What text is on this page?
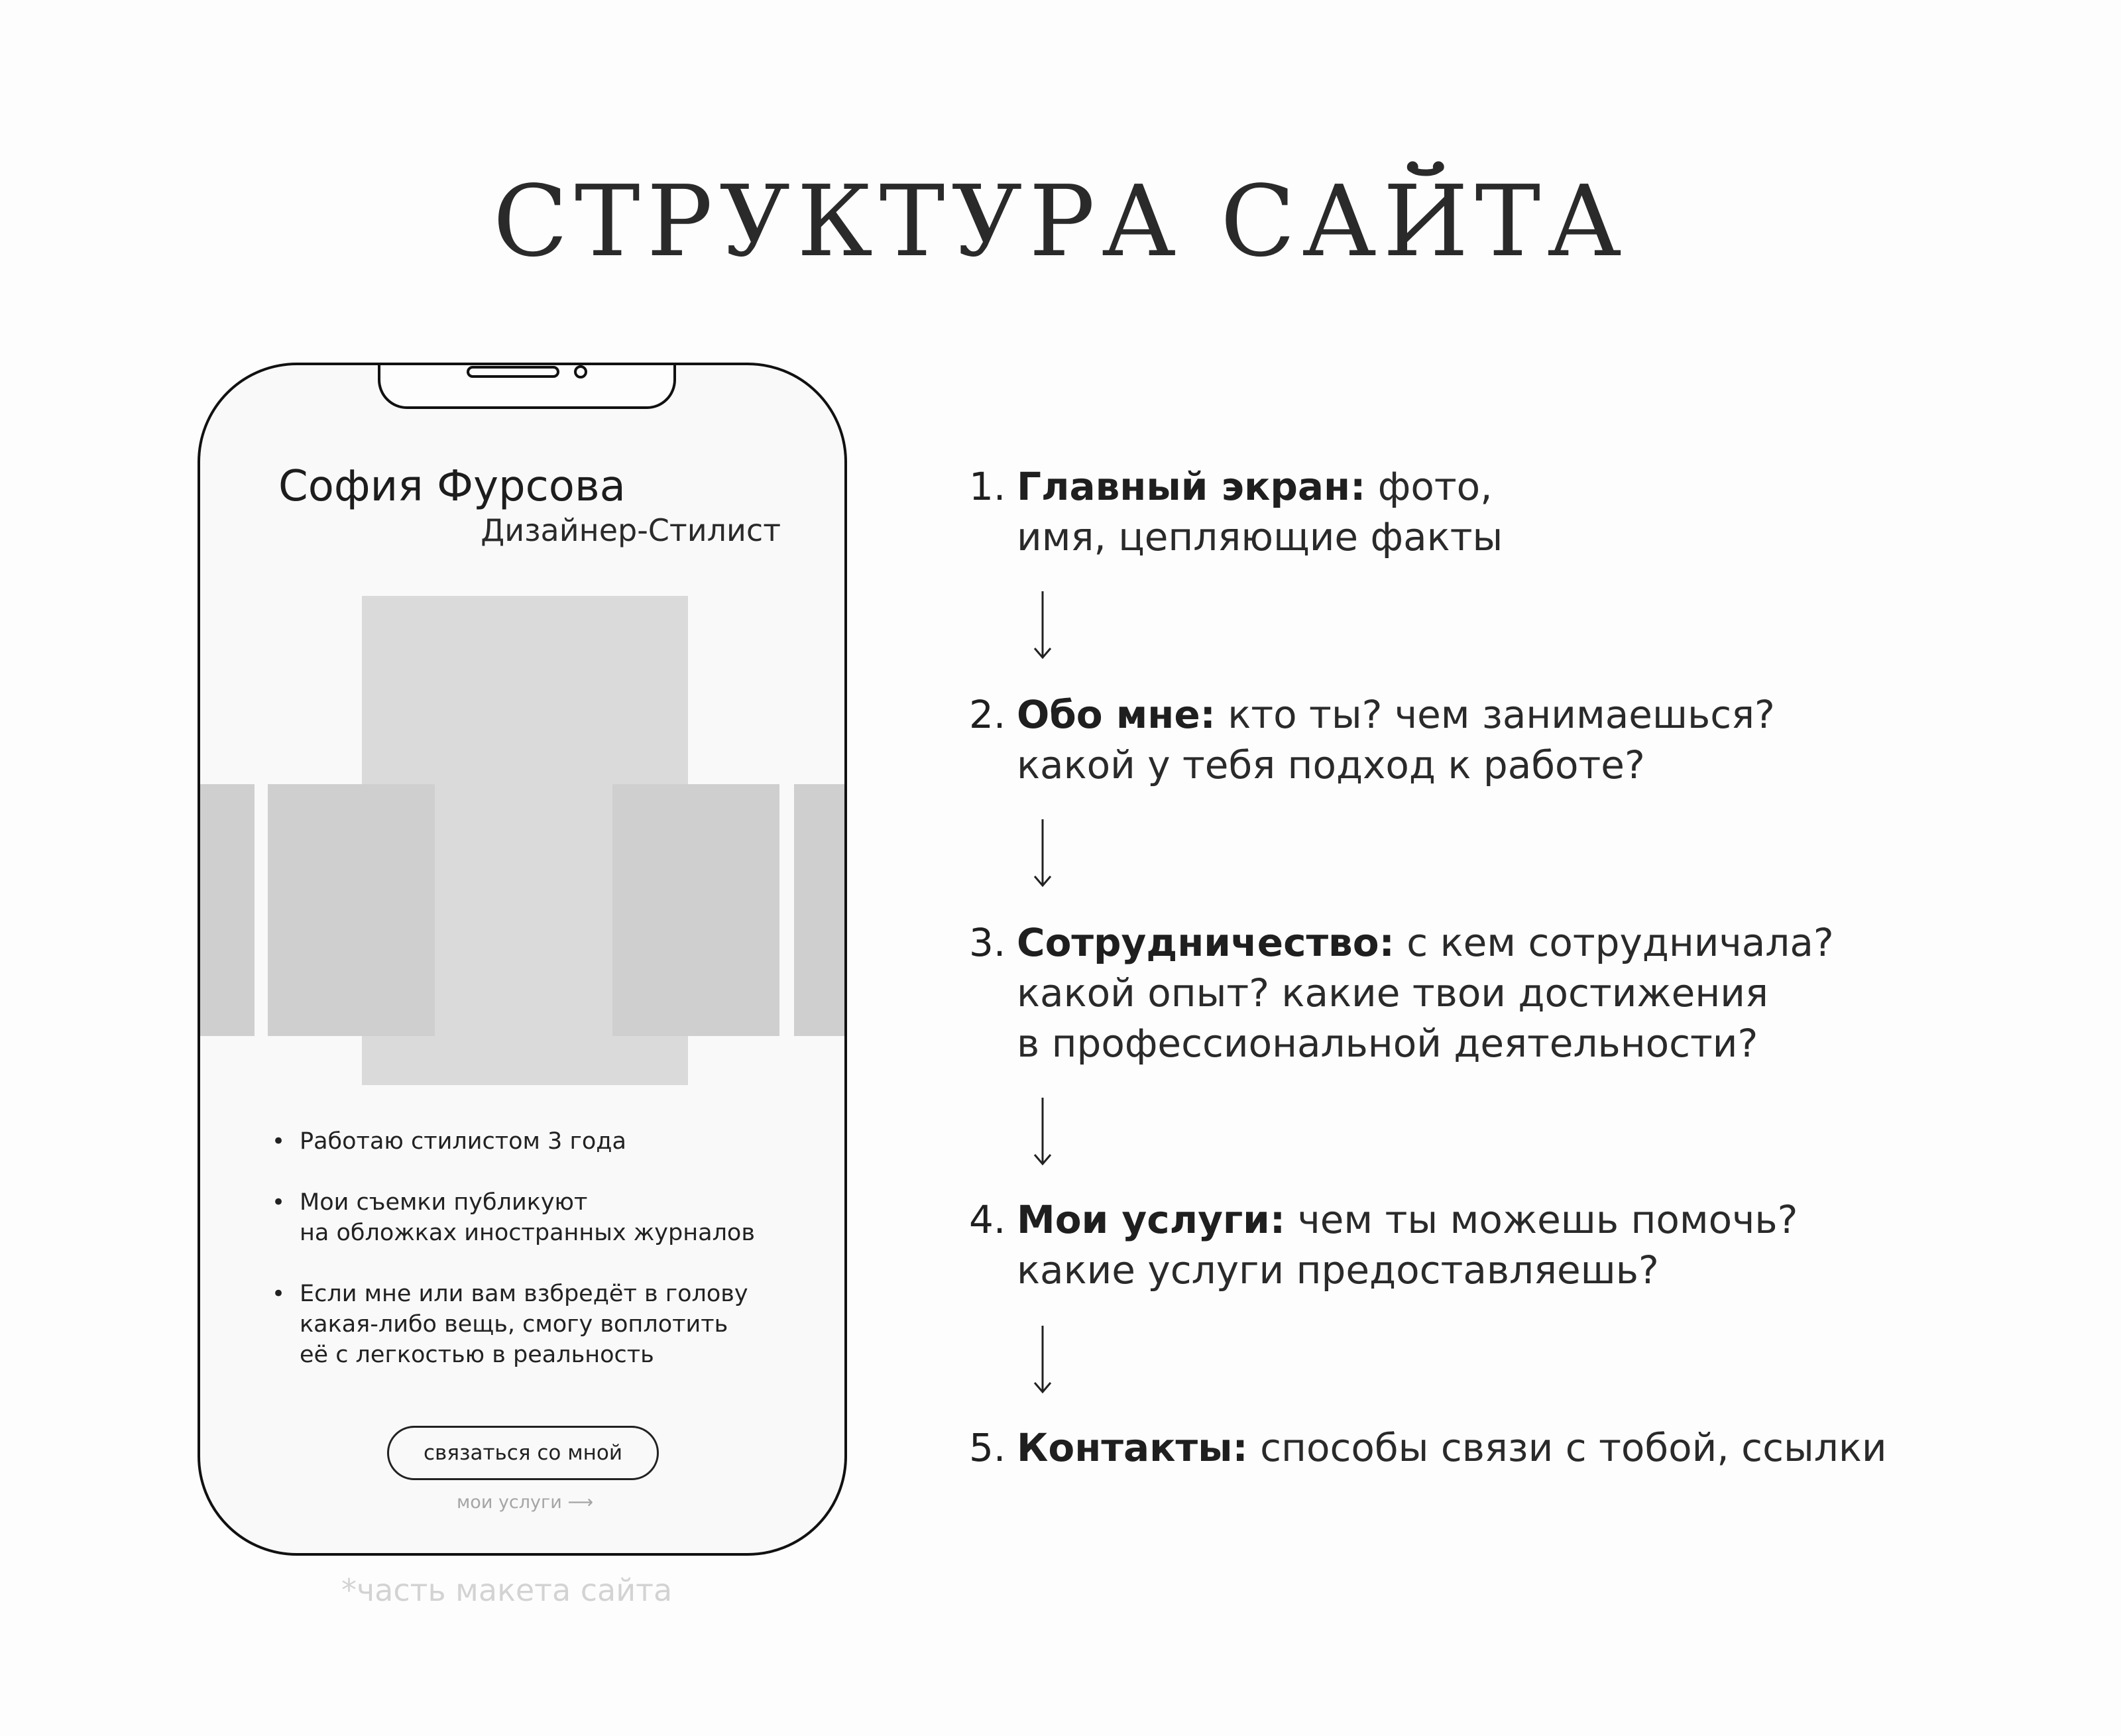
СТРУКТУРА САЙТА
София Фурсова
Дизайнер-Стилист
• Работаю стилистом 3 года
• Мои съемки публикуют
на обложках иностранных журналов
• Если мне или вам взбредёт в голову
какая-либо вещь, смогу воплотить
её с легкостью в реальность
связаться со мной
мои услуги ⟶
*часть макета сайта
1. Главный экран: фото,
имя, цепляющие факты
2. Обо мне: кто ты? чем занимаешься?
какой у тебя подход к работе?
3. Сотрудничество: с кем сотрудничала?
какой опыт? какие твои достижения
в профессиональной деятельности?
4. Мои услуги: чем ты можешь помочь?
какие услуги предоставляешь?
5. Контакты: способы связи с тобой, ссылки
